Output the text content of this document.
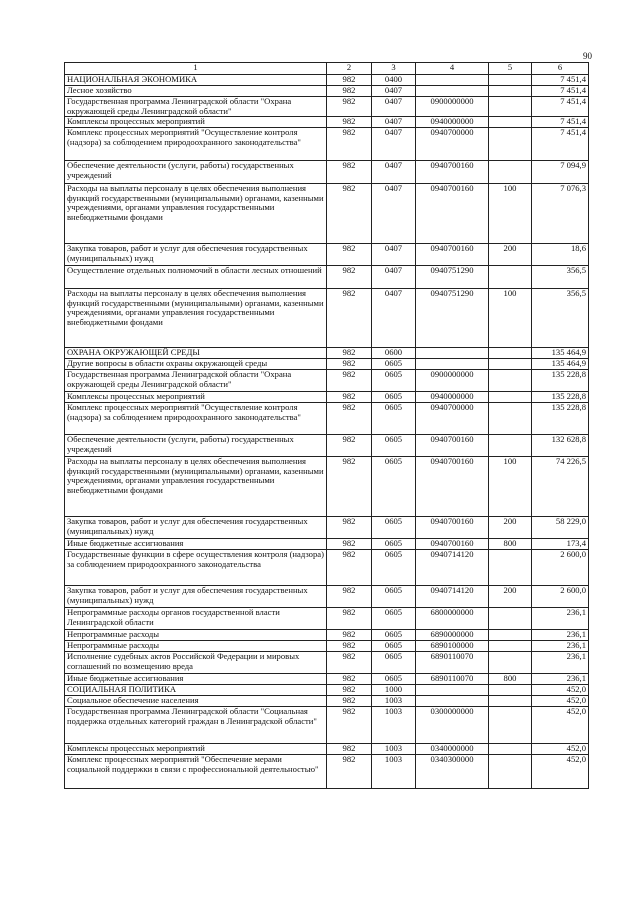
90
1	2	3	4	5	6
НАЦИОНАЛЬНАЯ ЭКОНОМИКА	982	0400			7 451,4
Лесное хозяйство	982	0407			7 451,4
Государственная программа Ленинградской области "Охрана окружающей среды Ленинградской области"	982	0407	0900000000		7 451,4
Комплексы процессных мероприятий	982	0407	0940000000		7 451,4
Комплекс процессных мероприятий "Осуществление контроля (надзора) за соблюдением природоохранного законодательства"	982	0407	0940700000		7 451,4
Обеспечение деятельности (услуги, работы) государственных учреждений	982	0407	0940700160		7 094,9
Расходы на выплаты персоналу в целях обеспечения выполнения функций государственными (муниципальными) органами, казенными учреждениями, органами управления государственными внебюджетными фондами	982	0407	0940700160	100	7 076,3
Закупка товаров, работ и услуг для обеспечения государственных (муниципальных) нужд	982	0407	0940700160	200	18,6
Осуществление отдельных полномочий в области лесных отношений	982	0407	0940751290		356,5
Расходы на выплаты персоналу в целях обеспечения выполнения функций государственными (муниципальными) органами, казенными учреждениями, органами управления государственными внебюджетными фондами	982	0407	0940751290	100	356,5
ОХРАНА ОКРУЖАЮЩЕЙ СРЕДЫ	982	0600			135 464,9
Другие вопросы в области охраны окружающей среды	982	0605			135 464,9
Государственная программа Ленинградской области "Охрана окружающей среды Ленинградской области"	982	0605	0900000000		135 228,8
Комплексы процессных мероприятий	982	0605	0940000000		135 228,8
Комплекс процессных мероприятий "Осуществление контроля (надзора) за соблюдением природоохранного законодательства"	982	0605	0940700000		135 228,8
Обеспечение деятельности (услуги, работы) государственных учреждений	982	0605	0940700160		132 628,8
Расходы на выплаты персоналу в целях обеспечения выполнения функций государственными (муниципальными) органами, казенными учреждениями, органами управления государственными внебюджетными фондами	982	0605	0940700160	100	74 226,5
Закупка товаров, работ и услуг для обеспечения государственных (муниципальных) нужд	982	0605	0940700160	200	58 229,0
Иные бюджетные ассигнования	982	0605	0940700160	800	173,4
Государственные функции в сфере осуществления контроля (надзора) за соблюдением природоохранного законодательства	982	0605	0940714120		2 600,0
Закупка товаров, работ и услуг для обеспечения государственных (муниципальных) нужд	982	0605	0940714120	200	2 600,0
Непрограммные расходы органов государственной власти Ленинградской области	982	0605	6800000000		236,1
Непрограммные расходы	982	0605	6890000000		236,1
Непрограммные расходы	982	0605	6890100000		236,1
Исполнение судебных актов Российской Федерации и мировых соглашений по возмещению вреда	982	0605	6890110070		236,1
Иные бюджетные ассигнования	982	0605	6890110070	800	236,1
СОЦИАЛЬНАЯ ПОЛИТИКА	982	1000			452,0
Социальное обеспечение населения	982	1003			452,0
Государственная программа Ленинградской области "Социальная поддержка отдельных категорий граждан в Ленинградской области"	982	1003	0300000000		452,0
Комплексы процессных мероприятий	982	1003	0340000000		452,0
Комплекс процессных мероприятий "Обеспечение мерами социальной поддержки в связи с профессиональной деятельностью"	982	1003	0340300000		452,0
